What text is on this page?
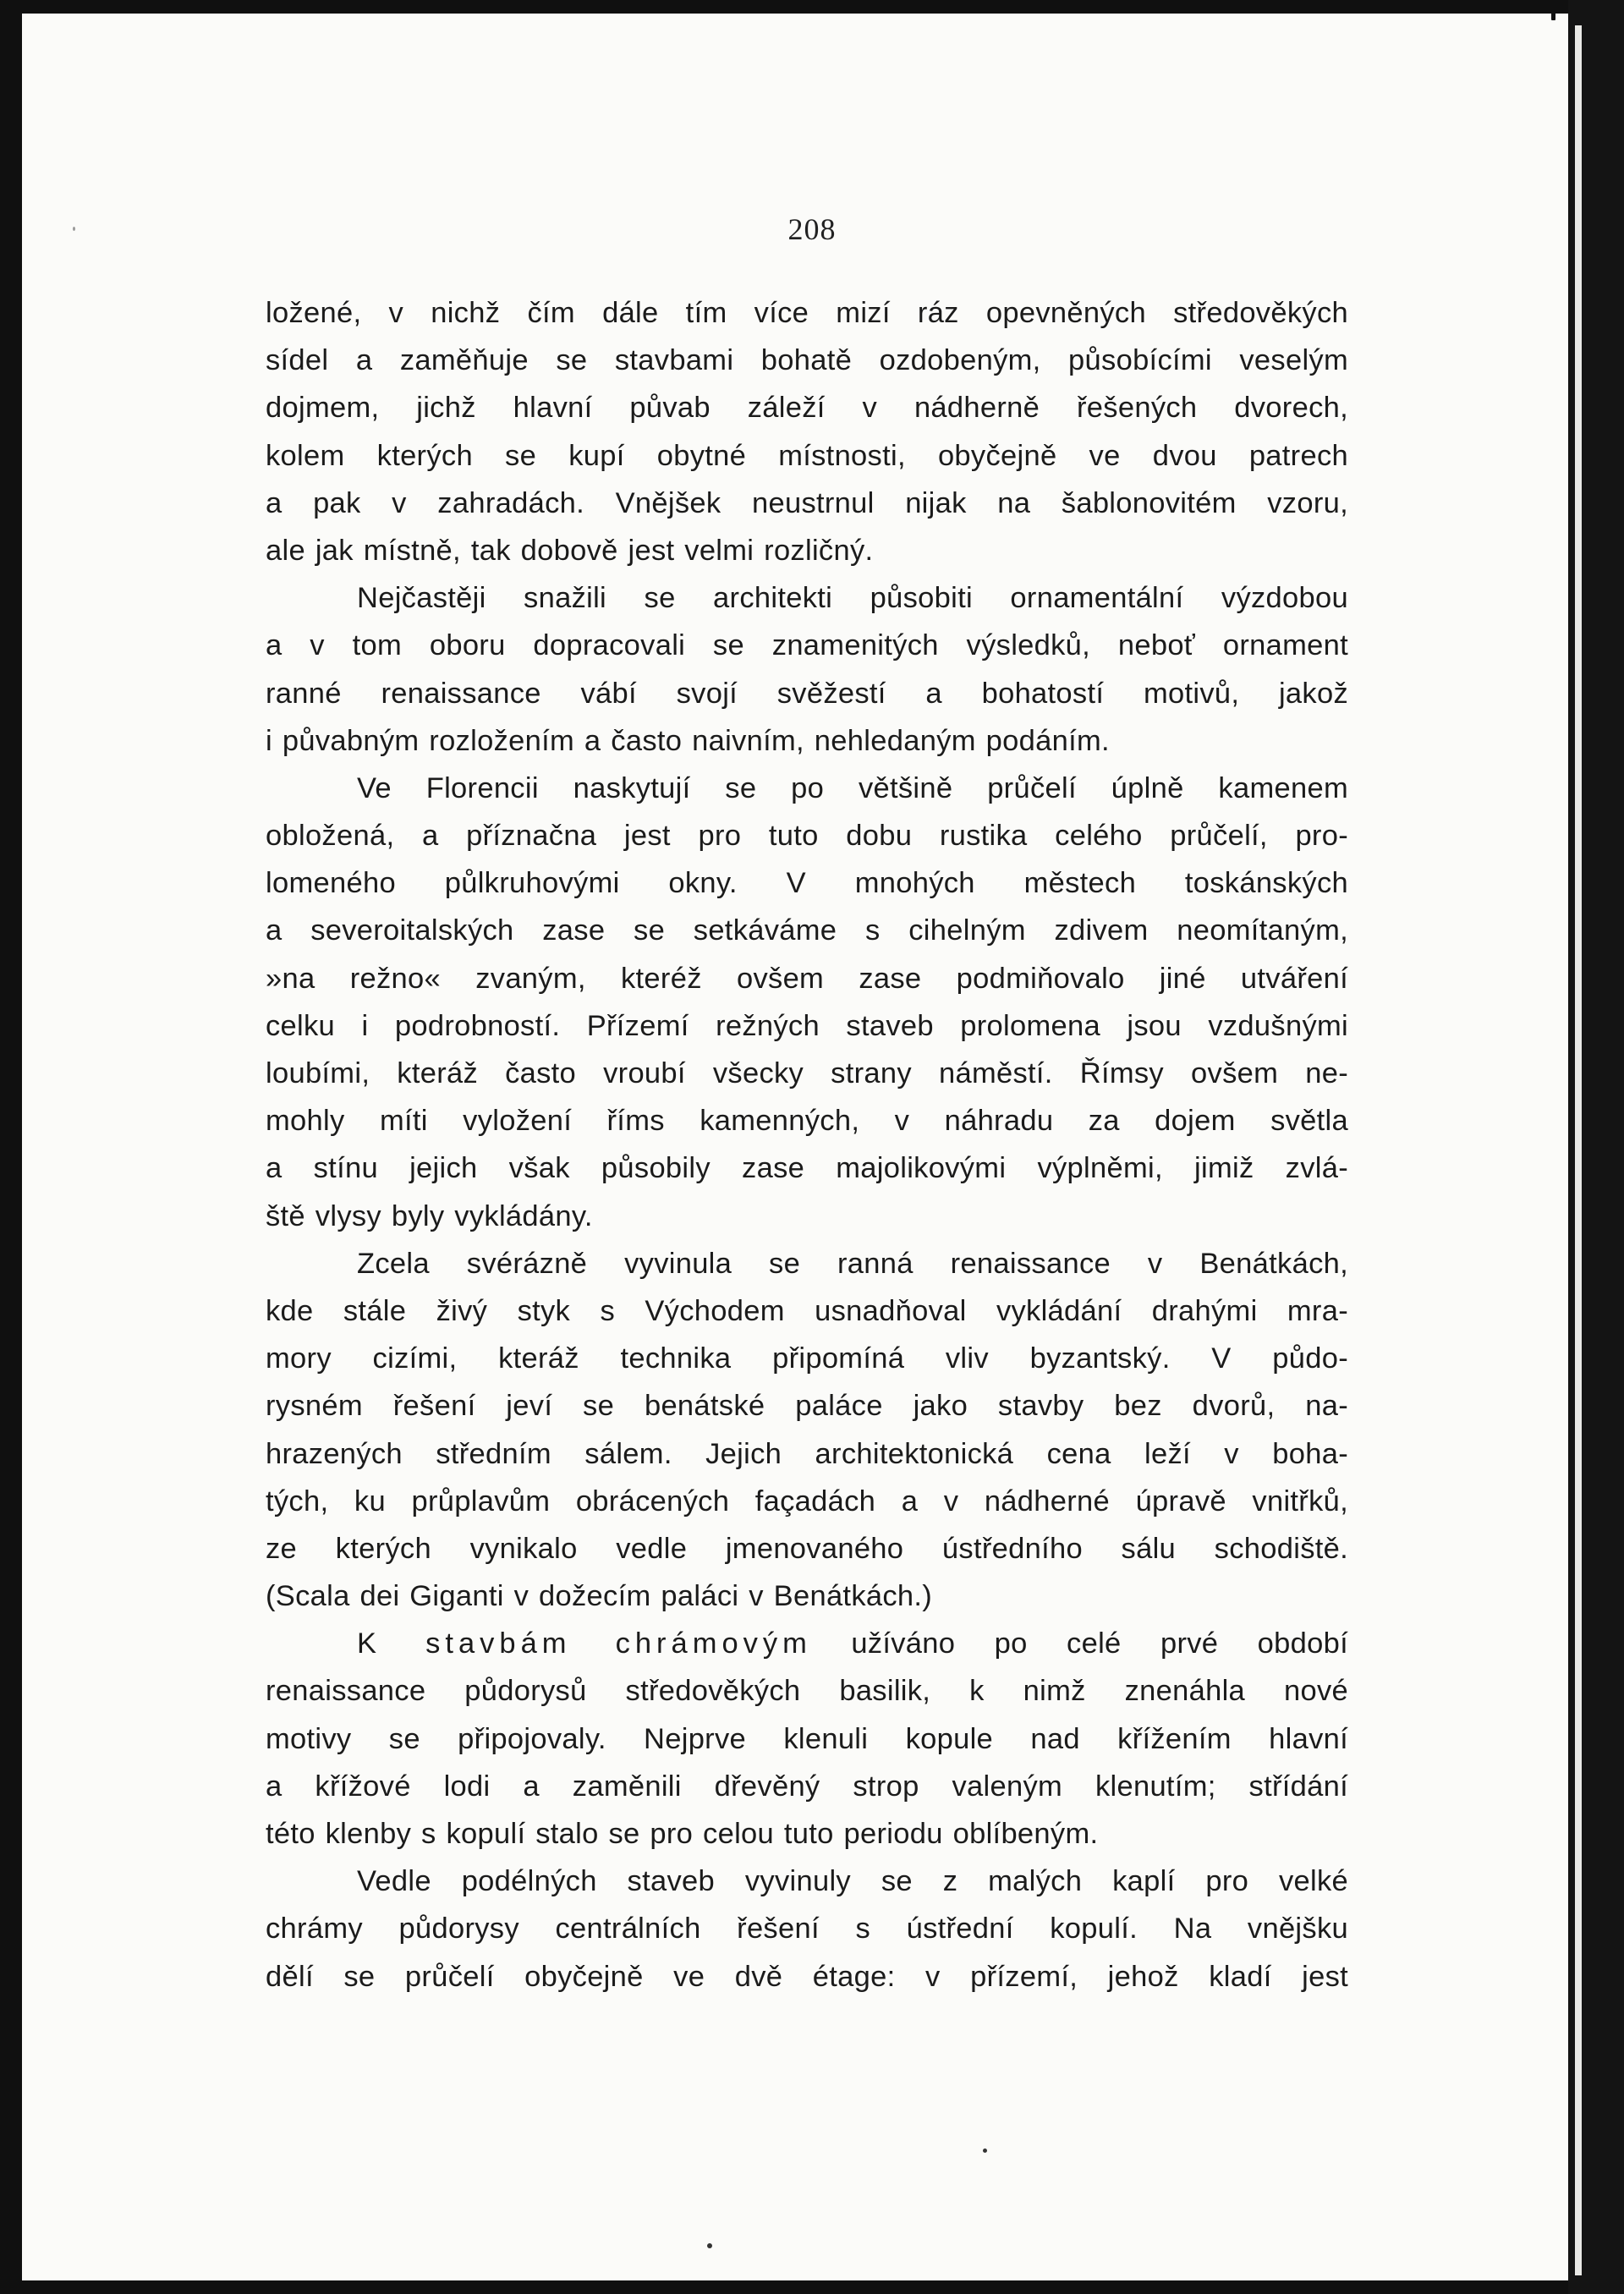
208
ložené, v nichž čím dále tím více mizí ráz opevněných středověkých
sídel a zaměňuje se stavbami bohatě ozdobeným, působícími veselým
dojmem, jichž hlavní půvab záleží v nádherně řešených dvorech,
kolem kterých se kupí obytné místnosti, obyčejně ve dvou patrech
a pak v zahradách. Vnějšek neustrnul nijak na šablonovitém vzoru,
ale jak místně, tak dobově jest velmi rozličný.
Nejčastěji snažili se architekti působiti ornamentální výzdobou
a v tom oboru dopracovali se znamenitých výsledků, neboť ornament
ranné renaissance vábí svojí svěžestí a bohatostí motivů, jakož
i půvabným rozložením a často naivním, nehledaným podáním.
Ve Florencii naskytují se po většině průčelí úplně kamenem
obložená, a příznačna jest pro tuto dobu rustika celého průčelí, pro-
lomeného půlkruhovými okny. V mnohých městech toskánských
a severoitalských zase se setkáváme s cihelným zdivem neomítaným,
»na režno« zvaným, kteréž ovšem zase podmiňovalo jiné utváření
celku i podrobností. Přízemí režných staveb prolomena jsou vzdušnými
loubími, kteráž často vroubí všecky strany náměstí. Římsy ovšem ne-
mohly míti vyložení říms kamenných, v náhradu za dojem světla
a stínu jejich však působily zase majolikovými výplněmi, jimiž zvlá-
ště vlysy byly vykládány.
Zcela svérázně vyvinula se ranná renaissance v Benátkách,
kde stále živý styk s Východem usnadňoval vykládání drahými mra-
mory cizími, kteráž technika připomíná vliv byzantský. V půdo-
rysném řešení jeví se benátské paláce jako stavby bez dvorů, na-
hrazených středním sálem. Jejich architektonická cena leží v boha-
tých, ku průplavům obrácených façadách a v nádherné úpravě vnitřků,
ze kterých vynikalo vedle jmenovaného ústředního sálu schodiště.
(Scala dei Giganti v dožecím paláci v Benátkách.)
K stavbám chrámovým užíváno po celé prvé období
renaissance půdorysů středověkých basilik, k nimž znenáhla nové
motivy se připojovaly. Nejprve klenuli kopule nad křížením hlavní
a křížové lodi a zaměnili dřevěný strop valeným klenutím; střídání
této klenby s kopulí stalo se pro celou tuto periodu oblíbeným.
Vedle podélných staveb vyvinuly se z malých kaplí pro velké
chrámy půdorysy centrálních řešení s ústřední kopulí. Na vnějšku
dělí se průčelí obyčejně ve dvě étage: v přízemí, jehož kladí jest
